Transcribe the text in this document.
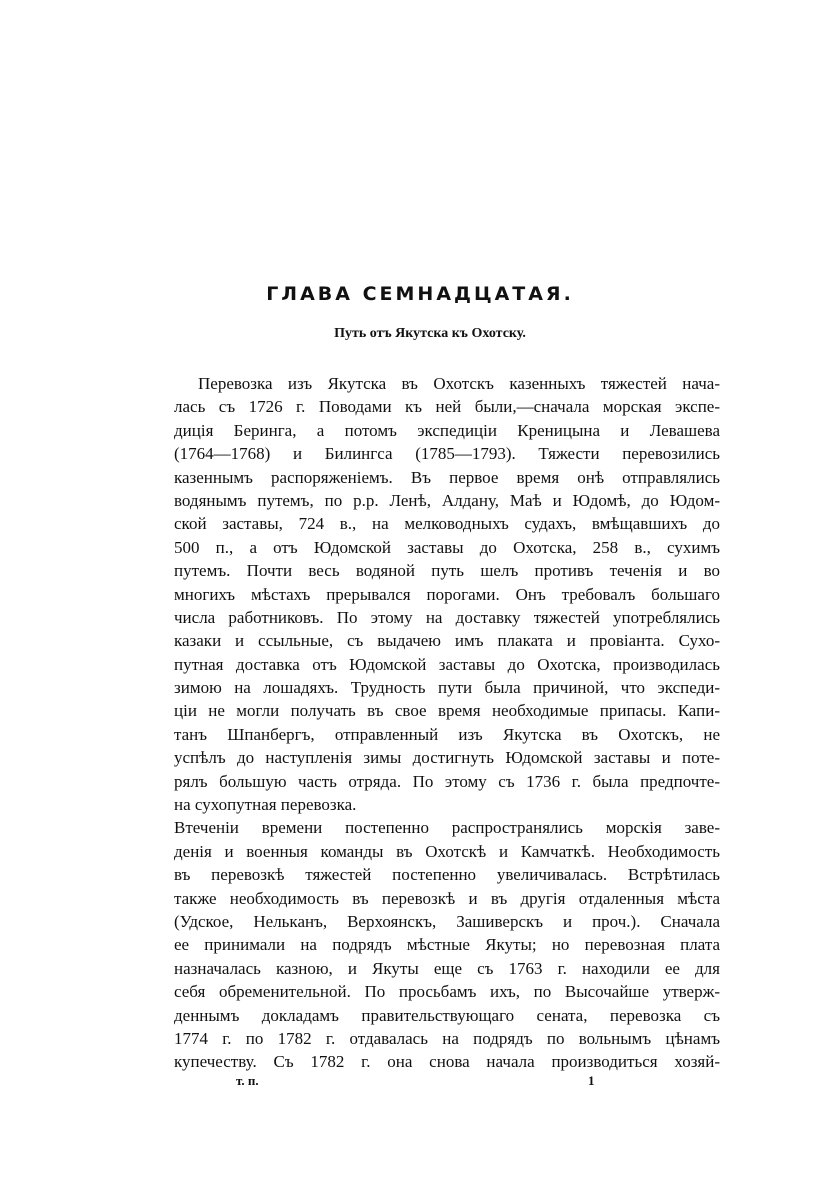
ГЛАВА СЕМНАДЦАТАЯ.
Путь отъ Якутска къ Охотску.
Перевозка изъ Якутска въ Охотскъ казенныхъ тяжестей нача-
лась съ 1726 г. Поводами къ ней были,—сначала морская экспе-
диція Беринга, а потомъ экспедиціи Креницына и Левашева
(1764—1768) и Билингса (1785—1793). Тяжести перевозились
казеннымъ распоряженіемъ. Въ первое время онѣ отправлялись
водянымъ путемъ, по р.р. Ленѣ, Алдану, Маѣ и Юдомѣ, до Юдом-
ской заставы, 724 в., на мелководныхъ судахъ, вмѣщавшихъ до
500 п., а отъ Юдомской заставы до Охотска, 258 в., сухимъ
путемъ. Почти весь водяной путь шелъ противъ теченія и во
многихъ мѣстахъ прерывался порогами. Онъ требовалъ большаго
числа работниковъ. По этому на доставку тяжестей употреблялись
казаки и ссыльные, съ выдачею имъ плаката и провіанта. Сухо-
путная доставка отъ Юдомской заставы до Охотска, производилась
зимою на лошадяхъ. Трудность пути была причиной, что экспеди-
ціи не могли получать въ свое время необходимые припасы. Капи-
танъ Шпанбергъ, отправленный изъ Якутска въ Охотскъ, не
успѣлъ до наступленія зимы достигнуть Юдомской заставы и поте-
рялъ большую часть отряда. По этому съ 1736 г. была предпочте-
на сухопутная перевозка.
Втеченіи времени постепенно распространялись морскія заве-
денія и военныя команды въ Охотскѣ и Камчаткѣ. Необходимость
въ перевозкѣ тяжестей постепенно увеличивалась. Встрѣтилась
также необходимость въ перевозкѣ и въ другія отдаленныя мѣста
(Удское, Нельканъ, Верхоянскъ, Зашиверскъ и проч.). Сначала
ее принимали на подрядъ мѣстные Якуты; но перевозная плата
назначалась казною, и Якуты еще съ 1763 г. находили ее для
себя обременительной. По просьбамъ ихъ, по Высочайше утверж-
деннымъ докладамъ правительствующаго сената, перевозка съ
1774 г. по 1782 г. отдавалась на подрядъ по вольнымъ цѣнамъ
купечеству. Съ 1782 г. она снова начала производиться хозяй-
т. п.	1
